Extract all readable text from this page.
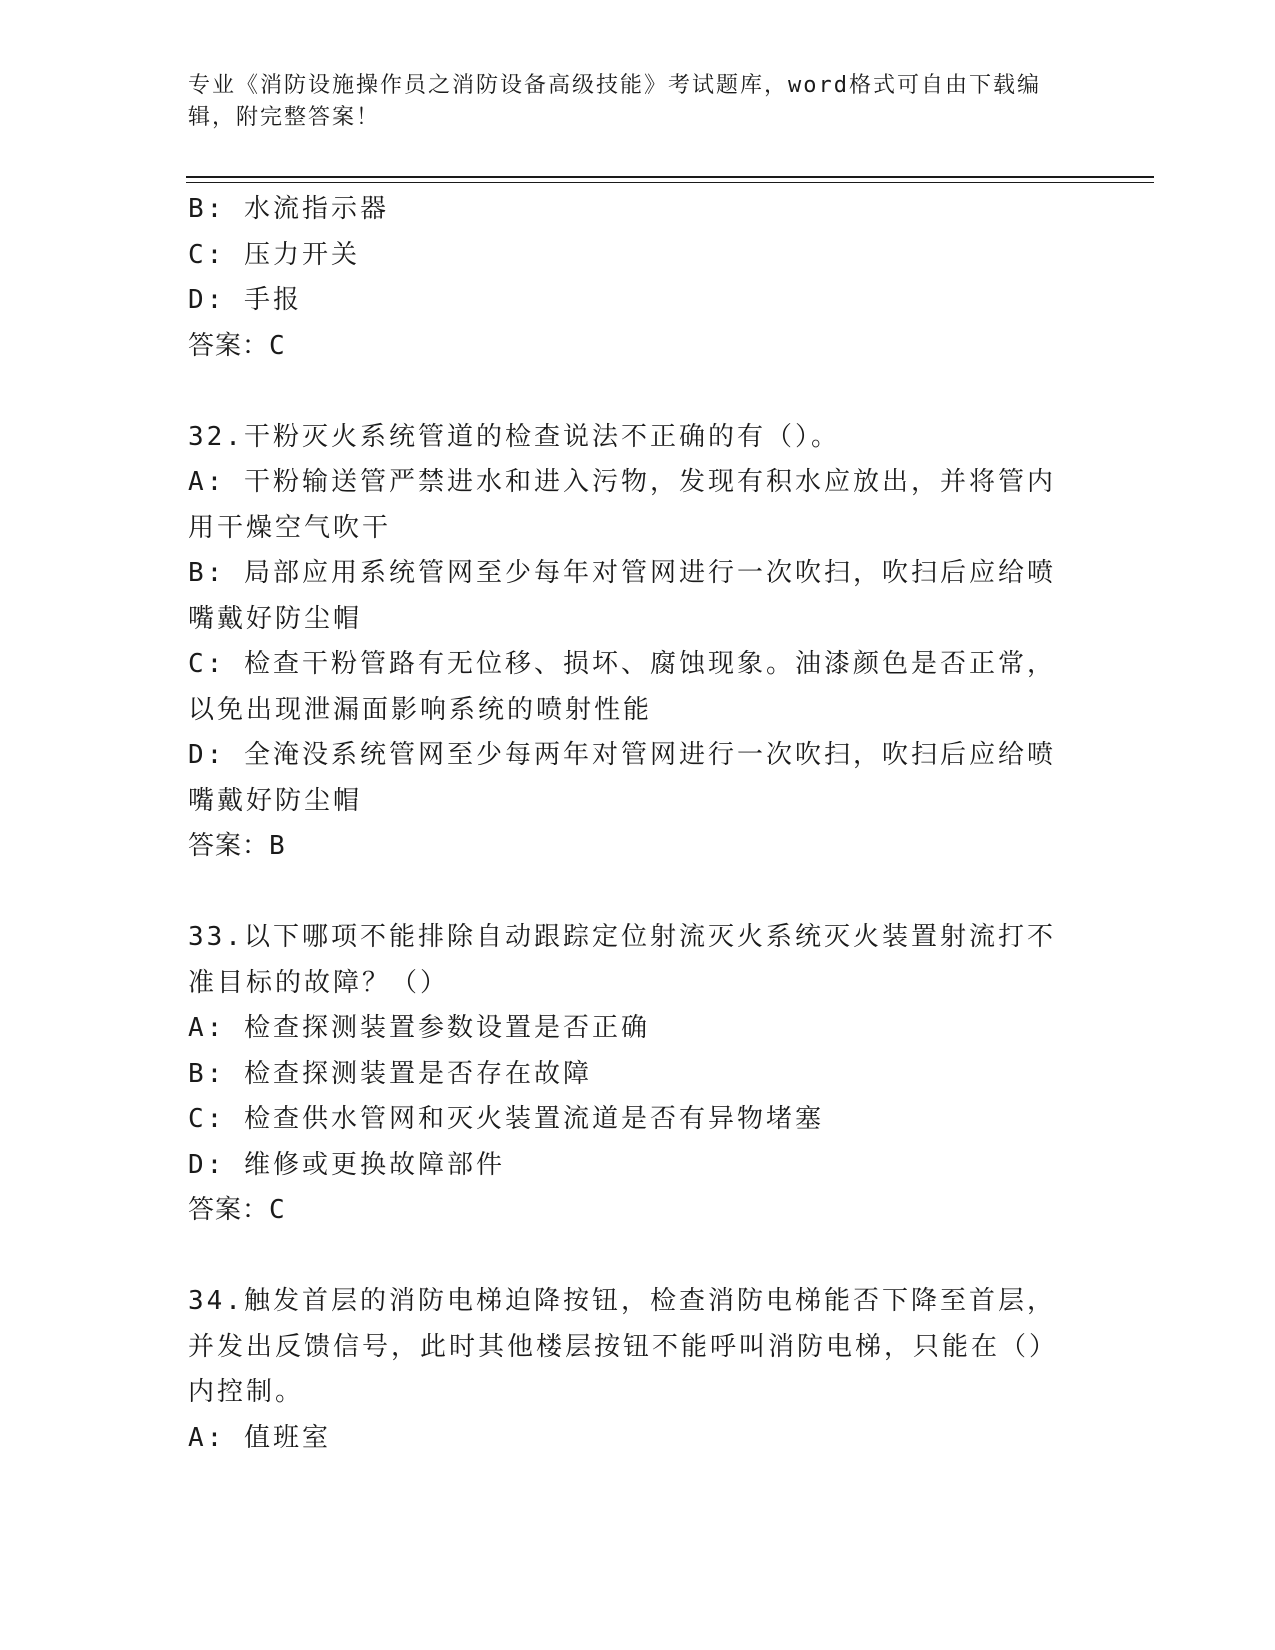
专业《消防设施操作员之消防设备高级技能》考试题库，word格式可自由下载编辑，附完整答案！
B: 水流指示器
C: 压力开关
D: 手报
答案：C
32.干粉灭火系统管道的检查说法不正确的有（）。
A: 干粉输送管严禁进水和进入污物，发现有积水应放出，并将管内用干燥空气吹干
B: 局部应用系统管网至少每年对管网进行一次吹扫，吹扫后应给喷嘴戴好防尘帽
C: 检查干粉管路有无位移、损坏、腐蚀现象。油漆颜色是否正常，以免出现泄漏面影响系统的喷射性能
D: 全淹没系统管网至少每两年对管网进行一次吹扫，吹扫后应给喷嘴戴好防尘帽
答案：B
33.以下哪项不能排除自动跟踪定位射流灭火系统灭火装置射流打不准目标的故障？（）
A: 检查探测装置参数设置是否正确
B: 检查探测装置是否存在故障
C: 检查供水管网和灭火装置流道是否有异物堵塞
D: 维修或更换故障部件
答案：C
34.触发首层的消防电梯迫降按钮，检查消防电梯能否下降至首层，并发出反馈信号，此时其他楼层按钮不能呼叫消防电梯，只能在（）内控制。
A: 值班室
